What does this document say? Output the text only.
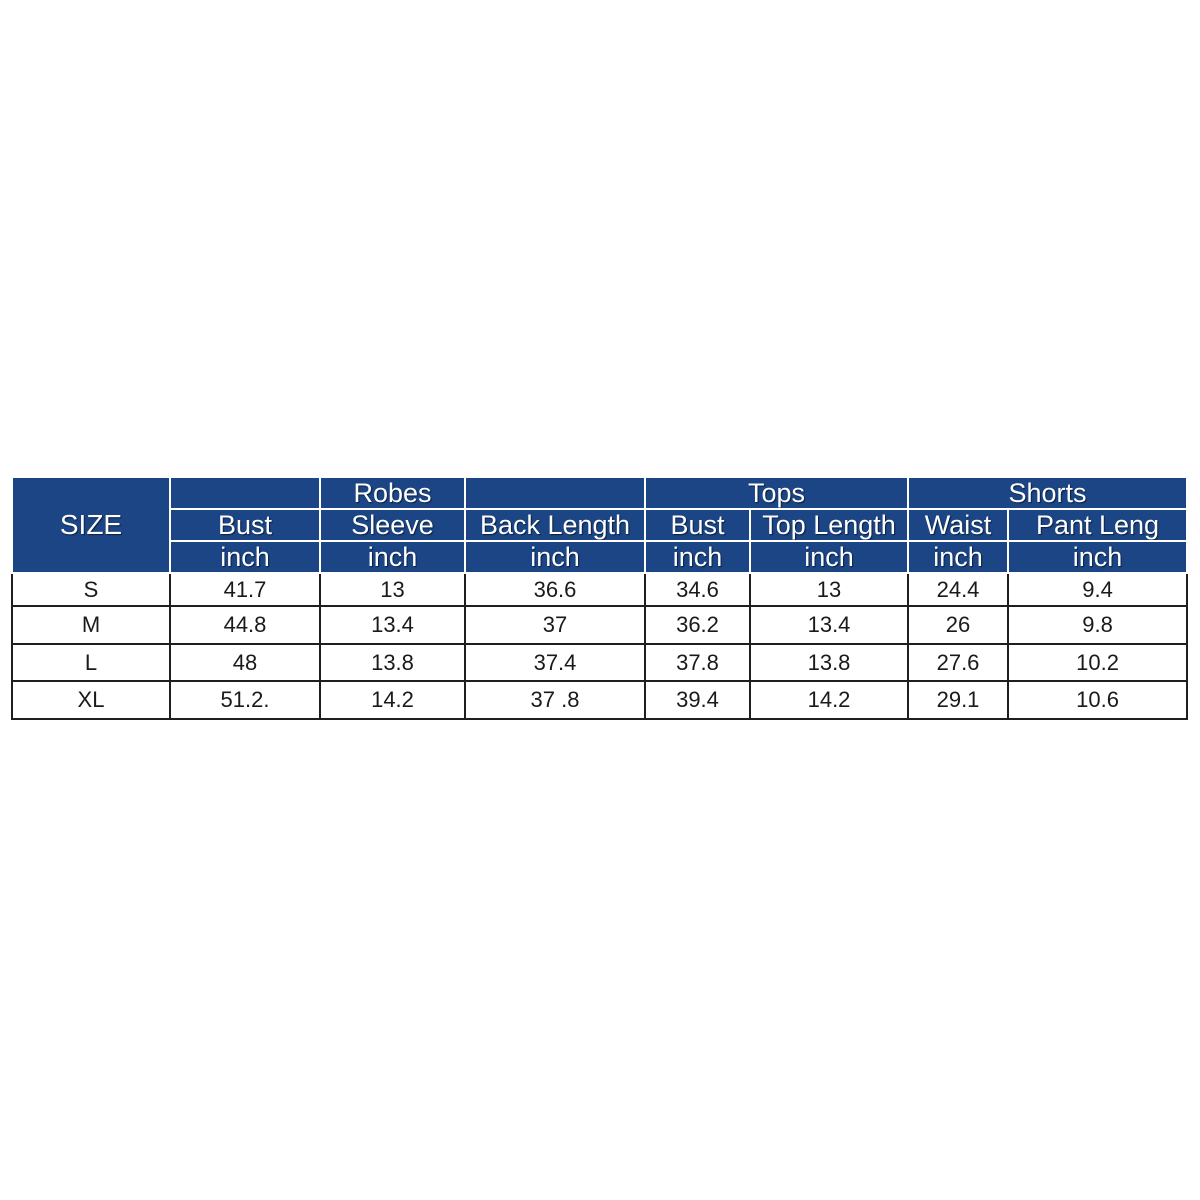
SIZE		Robes		Tops		Shorts	
	Bust	Sleeve	Back Length	Bust	Top Length	Waist	Pant Leng
	inch	inch	inch	inch	inch	inch	inch
S	41.7	13	36.6	34.6	13	24.4	9.4
M	44.8	13.4	37	36.2	13.4	26	9.8
L	48	13.8	37.4	37.8	13.8	27.6	10.2
XL	51.2.	14.2	37 .8	39.4	14.2	29.1	10.6
